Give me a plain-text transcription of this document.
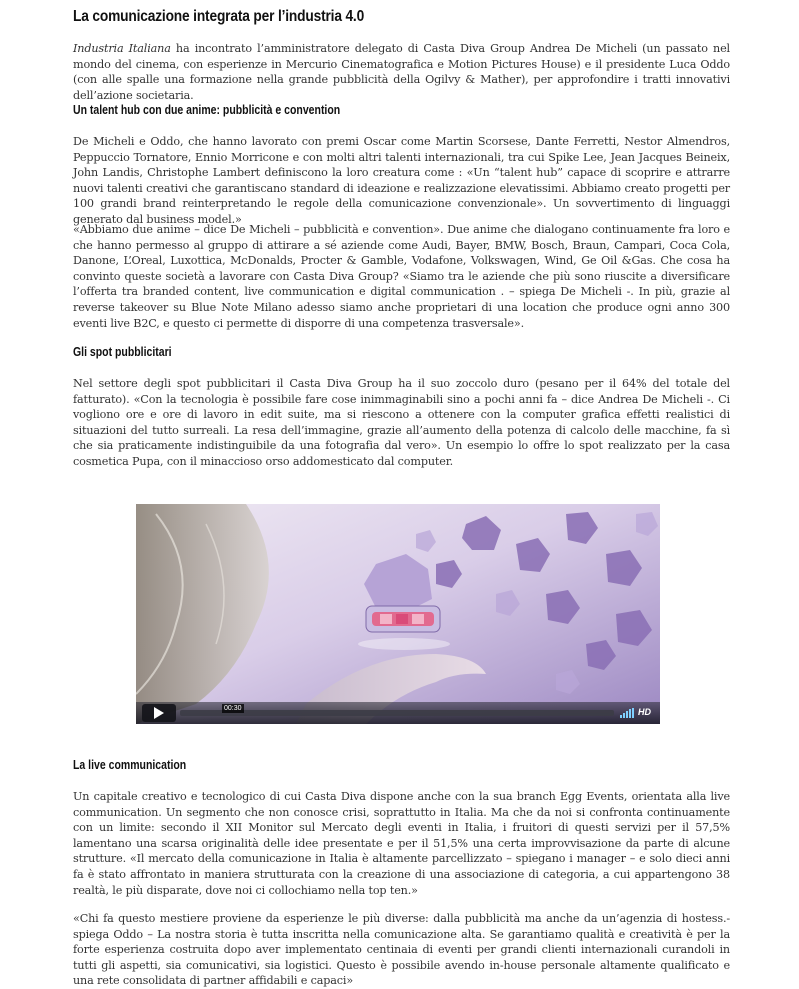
La comunicazione integrata per l’industria 4.0

Industria Italiana ha incontrato l’amministratore delegato di Casta Diva Group Andrea De Micheli (un passato nel mondo del cinema, con esperienze in Mercurio Cinematografica e Motion Pictures House) e il presidente Luca Oddo (con alle spalle una formazione nella grande pubblicità della Ogilvy & Mather), per approfondire i tratti innovativi dell’azione societaria.

Un talent hub con due anime: pubblicità e convention

De Micheli e Oddo, che hanno lavorato con premi Oscar come Martin Scorsese, Dante Ferretti, Nestor Almendros, Peppuccio Tornatore, Ennio Morricone e con molti altri talenti internazionali, tra cui Spike Lee, Jean Jacques Beineix, John Landis, Christophe Lambert definiscono la loro creatura come : «Un “talent hub” capace di scoprire e attrarre nuovi talenti creativi che garantiscano standard di ideazione e realizzazione elevatissimi. Abbiamo creato progetti per 100 grandi brand reinterpretando le regole della comunicazione convenzionale». Un sovvertimento di linguaggi generato dal business model.»

«Abbiamo due anime – dice De Micheli – pubblicità e convention». Due anime che dialogano continuamente fra loro e che hanno permesso al gruppo di attirare a sé aziende come Audi, Bayer, BMW, Bosch, Braun, Campari, Coca Cola, Danone, L’Oreal, Luxottica, McDonalds, Procter & Gamble, Vodafone, Volkswagen, Wind, Ge Oil &Gas. Che cosa ha convinto queste società a lavorare con Casta Diva Group? «Siamo tra le aziende che più sono riuscite a diversificare l’offerta tra branded content, live communication e digital communication . – spiega De Micheli -. In più, grazie al reverse takeover su Blue Note Milano adesso siamo anche proprietari di una location che produce ogni anno 300 eventi live B2C, e questo ci permette di disporre di una competenza trasversale».

Gli spot pubblicitari

Nel settore degli spot pubblicitari il Casta Diva Group ha il suo zoccolo duro (pesano per il 64% del totale del fatturato). «Con la tecnologia è possibile fare cose inimmaginabili sino a pochi anni fa – dice Andrea De Micheli -. Ci vogliono ore e ore di lavoro in edit suite, ma si riescono a ottenere con la computer grafica effetti realistici di situazioni del tutto surreali. La resa dell’immagine, grazie all’aumento della potenza di calcolo delle macchine, fa sì che sia praticamente indistinguibile da una fotografia dal vero». Un esempio lo offre lo spot realizzato per la casa cosmetica Pupa, con il minaccioso orso addomesticato dal computer.

La live communication

Un capitale creativo e tecnologico di cui Casta Diva dispone anche con la sua branch Egg Events, orientata alla live communication. Un segmento che non conosce crisi, soprattutto in Italia. Ma che da noi si confronta continuamente con un limite: secondo il XII Monitor sul Mercato degli eventi in Italia, i fruitori di questi servizi per il 57,5% lamentano una scarsa originalità delle idee presentate e per il 51,5% una certa improvvisazione da parte di alcune strutture. «Il mercato della comunicazione in Italia è altamente parcellizzato – spiegano i manager – e solo dieci anni fa è stato affrontato in maniera strutturata con la creazione di una associazione di categoria, a cui appartengono 38 realtà, le più disparate, dove noi ci collochiamo nella top ten.»

«Chi fa questo mestiere proviene da esperienze le più diverse: dalla pubblicità ma anche da un’agenzia di hostess.- spiega Oddo – La nostra storia è tutta inscritta nella comunicazione alta. Se garantiamo qualità e creatività è per la forte esperienza costruita dopo aver implementato centinaia di eventi per grandi clienti internazionali curandoli in tutti gli aspetti, sia comunicativi, sia logistici. Questo è possibile avendo in-house personale altamente qualificato e una rete consolidata di partner affidabili e capaci»

00:30	HD
